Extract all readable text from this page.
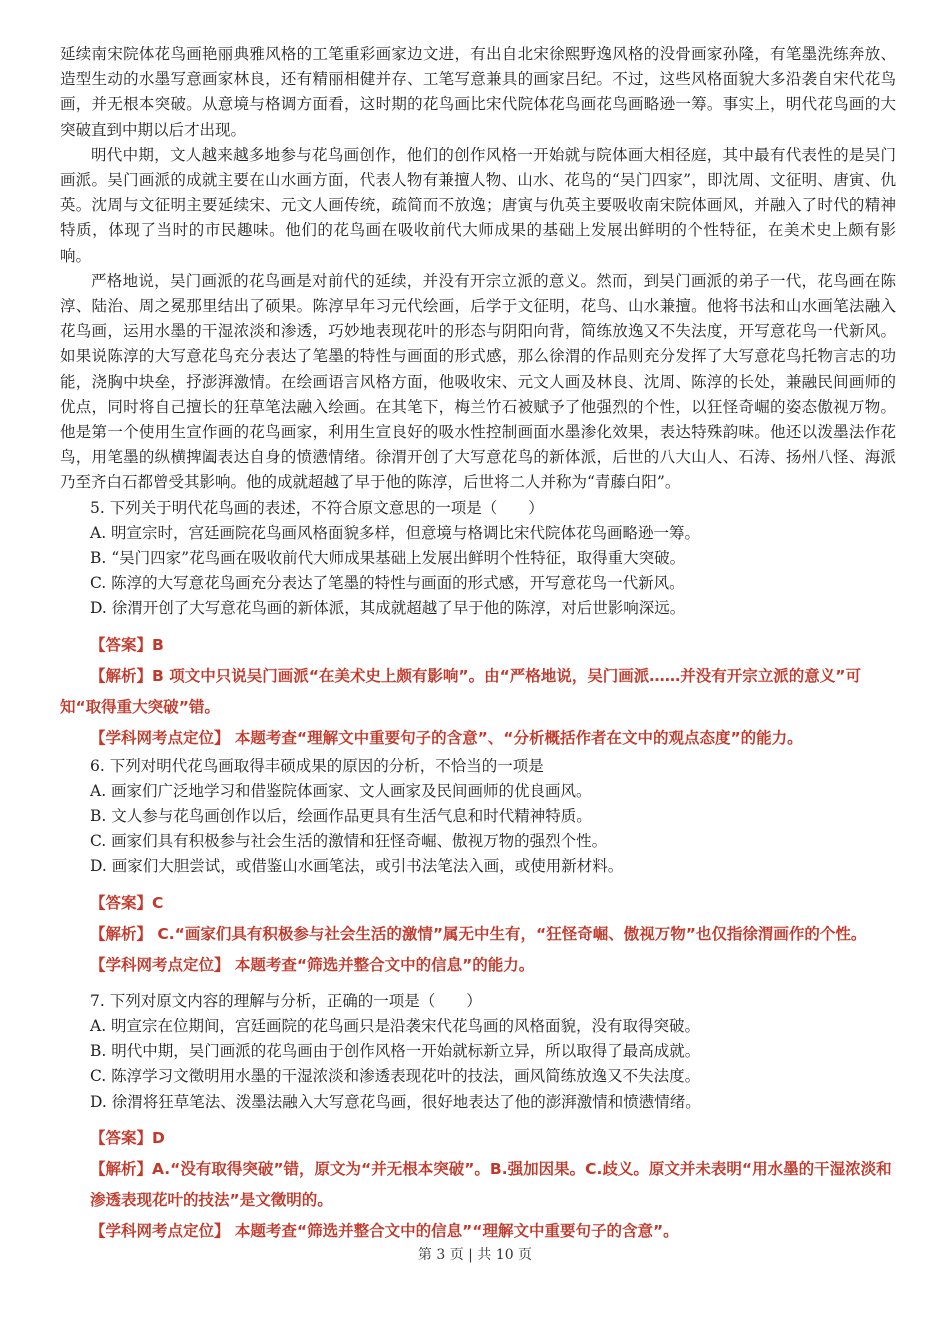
延续南宋院体花鸟画艳丽典雅风格的工笔重彩画家边文进，有出自北宋徐熙野逸风格的没骨画家孙隆，有笔墨洗练奔放、造型生动的水墨写意画家林良，还有精丽相健并存、工笔写意兼具的画家吕纪。不过，这些风格面貌大多沿袭自宋代花鸟画，并无根本突破。从意境与格调方面看，这时期的花鸟画比宋代院体花鸟画花鸟画略逊一筹。事实上，明代花鸟画的大突破直到中期以后才出现。

明代中期，文人越来越多地参与花鸟画创作，他们的创作风格一开始就与院体画大相径庭，其中最有代表性的是吴门画派。吴门画派的成就主要在山水画方面，代表人物有兼擅人物、山水、花鸟的“吴门四家”，即沈周、文征明、唐寅、仇英。沈周与文征明主要延续宋、元文人画传统，疏简而不放逸；唐寅与仇英主要吸收南宋院体画风，并融入了时代的精神特质，体现了当时的市民趣味。他们的花鸟画在吸收前代大师成果的基础上发展出鲜明的个性特征，在美术史上颇有影响。

严格地说，吴门画派的花鸟画是对前代的延续，并没有开宗立派的意义。然而，到吴门画派的弟子一代，花鸟画在陈淳、陆治、周之冕那里结出了硕果。陈淳早年习元代绘画，后学于文征明，花鸟、山水兼擅。他将书法和山水画笔法融入花鸟画，运用水墨的干湿浓淡和渗透，巧妙地表现花叶的形态与阴阳向背，简练放逸又不失法度，开写意花鸟一代新风。如果说陈淳的大写意花鸟充分表达了笔墨的特性与画面的形式感，那么徐渭的作品则充分发挥了大写意花鸟托物言志的功能，浇胸中块垒，抒澎湃激情。在绘画语言风格方面，他吸收宋、元文人画及林良、沈周、陈淳的长处，兼融民间画师的优点，同时将自己擅长的狂草笔法融入绘画。在其笔下，梅兰竹石被赋予了他强烈的个性，以狂怪奇崛的姿态傲视万物。他是第一个使用生宣作画的花鸟画家，利用生宣良好的吸水性控制画面水墨渗化效果，表达特殊韵味。他还以泼墨法作花鸟，用笔墨的纵横捭阖表达自身的愤懑情绪。徐渭开创了大写意花鸟的新体派，后世的八大山人、石涛、扬州八怪、海派乃至齐白石都曾受其影响。他的成就超越了早于他的陈淳，后世将二人并称为“青藤白阳”。

5. 下列关于明代花鸟画的表述，不符合原文意思的一项是（　　）

A. 明宣宗时，宫廷画院花鸟画风格面貌多样，但意境与格调比宋代院体花鸟画略逊一筹。

B. “吴门四家”花鸟画在吸收前代大师成果基础上发展出鲜明个性特征，取得重大突破。

C. 陈淳的大写意花鸟画充分表达了笔墨的特性与画面的形式感，开写意花鸟一代新风。

D. 徐渭开创了大写意花鸟画的新体派，其成就超越了早于他的陈淳，对后世影响深远。

【答案】B

【解析】B 项文中只说吴门画派“在美术史上颇有影响”。由“严格地说，吴门画派……并没有开宗立派的意义”可知“取得重大突破”错。

【学科网考点定位】 本题考查“理解文中重要句子的含意”、“分析概括作者在文中的观点态度”的能力。

6. 下列对明代花鸟画取得丰硕成果的原因的分析，不恰当的一项是

A. 画家们广泛地学习和借鉴院体画家、文人画家及民间画师的优良画风。

B. 文人参与花鸟画创作以后，绘画作品更具有生活气息和时代精神特质。

C. 画家们具有积极参与社会生活的激情和狂怪奇崛、傲视万物的强烈个性。

D. 画家们大胆尝试，或借鉴山水画笔法，或引书法笔法入画，或使用新材料。

【答案】C

【解析】 C.“画家们具有积极参与社会生活的激情”属无中生有，“狂怪奇崛、傲视万物”也仅指徐渭画作的个性。

【学科网考点定位】 本题考查“筛选并整合文中的信息”的能力。

7. 下列对原文内容的理解与分析，正确的一项是（　　）

A. 明宣宗在位期间，宫廷画院的花鸟画只是沿袭宋代花鸟画的风格面貌，没有取得突破。

B. 明代中期，吴门画派的花鸟画由于创作风格一开始就标新立异，所以取得了最高成就。

C. 陈淳学习文徵明用水墨的干湿浓淡和渗透表现花叶的技法，画风简练放逸又不失法度。

D. 徐渭将狂草笔法、泼墨法融入大写意花鸟画，很好地表达了他的澎湃激情和愤懑情绪。

【答案】D

【解析】A.“没有取得突破”错，原文为“并无根本突破”。B.强加因果。C.歧义。原文并未表明“用水墨的干湿浓淡和渗透表现花叶的技法”是文徵明的。

【学科网考点定位】 本题考查“筛选并整合文中的信息”“理解文中重要句子的含意”。

第 3 页 | 共 10 页
